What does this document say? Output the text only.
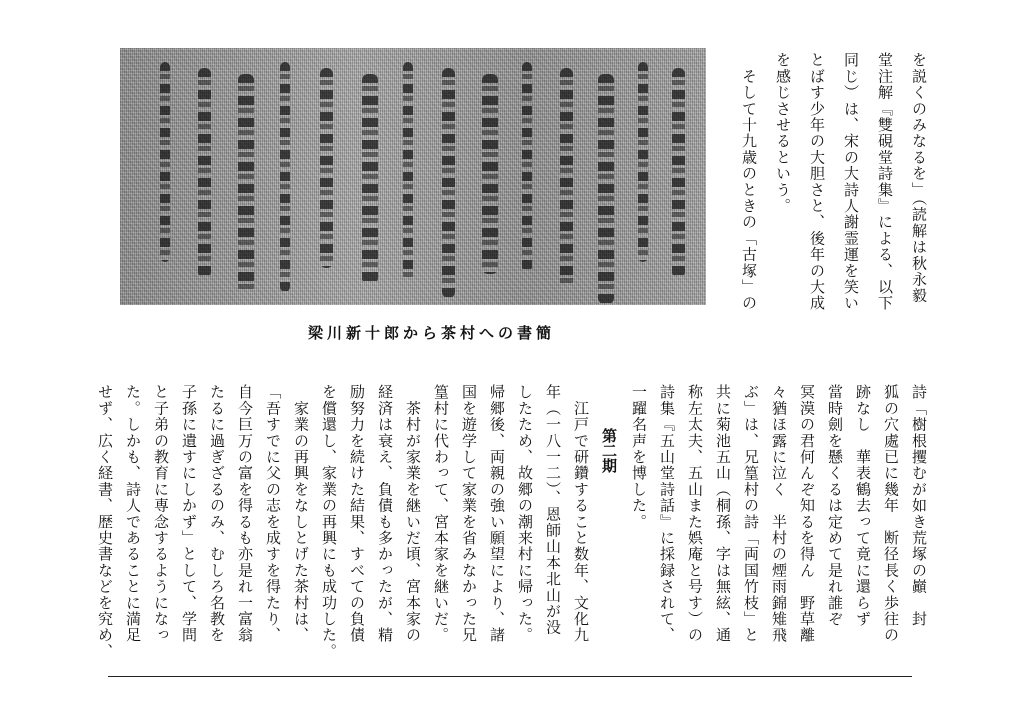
梁川新十郎から茶村への書簡
を説くのみなるを」（読解は秋永毅
堂注解『雙硯堂詩集』による、以下
同じ）は、宋の大詩人謝霊運を笑い
とばす少年の大胆さと、後年の大成
を感じさせるという。
　そして十九歳のときの「古塚」の
詩「樹根攫むが如き荒塚の巓　封
狐の穴處已に幾年　断径長く歩往の
跡なし　華表鶴去って竟に還らず
當時劍を懸くるは定めて是れ誰ぞ
冥漠の君何んぞ知るを得ん　野草離
々猶ほ露に泣く　半村の煙雨錦雉飛
ぶ」は、兄篁村の詩「両国竹枝」と
共に菊池五山（桐孫、字は無絃、通
称左太夫、五山また娯庵と号す）の
詩集『五山堂詩話』に採録されて、
一躍名声を博した。
第二期
　江戸で研鑽すること数年、文化九
年（一八一二）、恩師山本北山が没
したため、故郷の潮来村に帰った。
帰郷後、両親の強い願望により、諸
国を遊学して家業を省みなかった兄
篁村に代わって、宮本家を継いだ。
　茶村が家業を継いだ頃、宮本家の
経済は衰え、負債も多かったが、精
励努力を続けた結果、すべての負債
を償還し、家業の再興にも成功した。
　家業の再興をなしとげた茶村は、
「吾すでに父の志を成すを得たり、
自今巨万の富を得るも亦是れ一富翁
たるに過ぎざるのみ、むしろ名教を
子孫に遺すにしかず」として、学問
と子弟の教育に専念するようになっ
た。しかも、詩人であることに満足
せず、広く経書、歴史書などを究め、
